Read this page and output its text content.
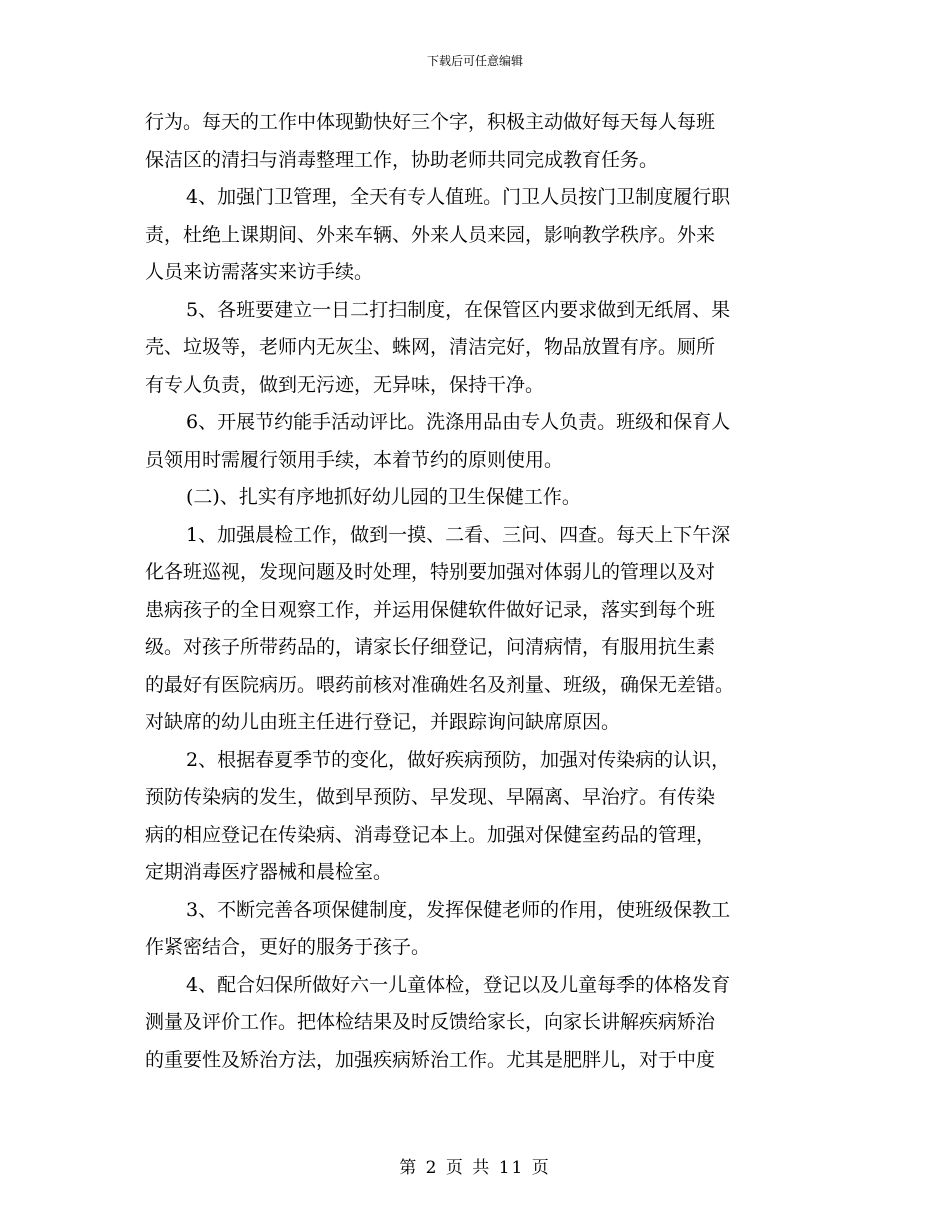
下载后可任意编辑
行为。每天的工作中体现勤快好三个字，积极主动做好每天每人每班
保洁区的清扫与消毒整理工作，协助老师共同完成教育任务。
4、加强门卫管理，全天有专人值班。门卫人员按门卫制度履行职
责，杜绝上课期间、外来车辆、外来人员来园，影响教学秩序。外来
人员来访需落实来访手续。
5、各班要建立一日二打扫制度，在保管区内要求做到无纸屑、果
壳、垃圾等，老师内无灰尘、蛛网，清洁完好，物品放置有序。厕所
有专人负责，做到无污迹，无异味，保持干净。
6、开展节约能手活动评比。洗涤用品由专人负责。班级和保育人
员领用时需履行领用手续，本着节约的原则使用。
(二)、扎实有序地抓好幼儿园的卫生保健工作。
1、加强晨检工作，做到一摸、二看、三问、四查。每天上下午深
化各班巡视，发现问题及时处理，特别要加强对体弱儿的管理以及对
患病孩子的全日观察工作，并运用保健软件做好记录，落实到每个班
级。对孩子所带药品的，请家长仔细登记，问清病情，有服用抗生素
的最好有医院病历。喂药前核对准确姓名及剂量、班级，确保无差错。
对缺席的幼儿由班主任进行登记，并跟踪询问缺席原因。
2、根据春夏季节的变化，做好疾病预防，加强对传染病的认识，
预防传染病的发生，做到早预防、早发现、早隔离、早治疗。有传染
病的相应登记在传染病、消毒登记本上。加强对保健室药品的管理，
定期消毒医疗器械和晨检室。
3、不断完善各项保健制度，发挥保健老师的作用，使班级保教工
作紧密结合，更好的服务于孩子。
4、配合妇保所做好六一儿童体检，登记以及儿童每季的体格发育
测量及评价工作。把体检结果及时反馈给家长，向家长讲解疾病矫治
的重要性及矫治方法，加强疾病矫治工作。尤其是肥胖儿，对于中度
第 2 页 共 11 页
